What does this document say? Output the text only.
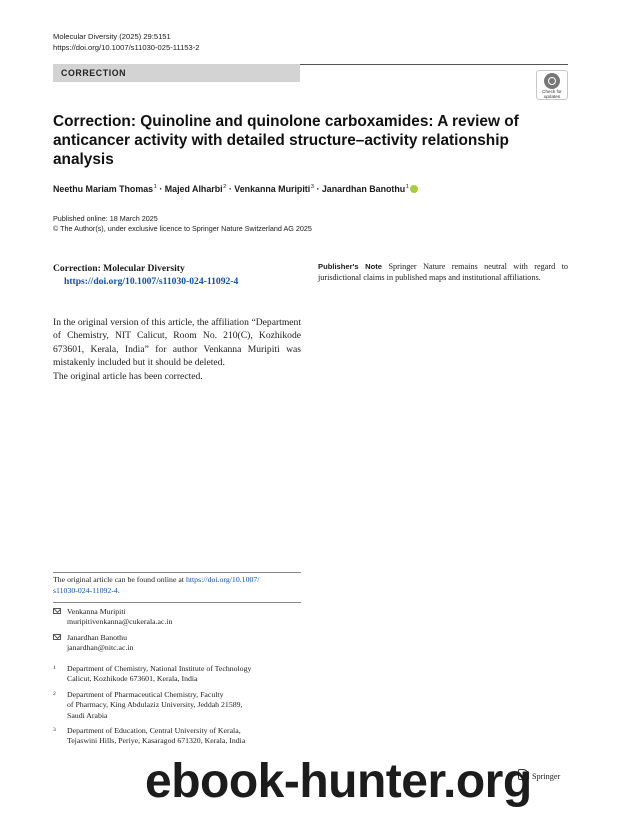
Molecular Diversity (2025) 29:5151
https://doi.org/10.1007/s11030-025-11153-2
CORRECTION
Check for
updates
Correction: Quinoline and quinolone carboxamides: A review of anticancer activity with detailed structure–activity relationship analysis
Neethu Mariam Thomas$^1$ · Majed Alharbi$^2$ · Venkanna Muripiti$^3$ · Janardhan Banothu$^1$
Published online: 18 March 2025
© The Author(s), under exclusive licence to Springer Nature Switzerland AG 2025
Correction: Molecular Diversity
https://doi.org/10.1007/s11030-024-11092-4
In the original version of this article, the affiliation “Department of Chemistry, NIT Calicut, Room No. 210(C), Kozhikode 673601, Kerala, India” for author Venkanna Muripiti was mistakenly included but it should be deleted.
The original article has been corrected.
Publisher's Note Springer Nature remains neutral with regard to jurisdictional claims in published maps and institutional affiliations.
The original article can be found online at https://doi.org/10.1007/
s11030-024-11092-4.
Venkanna Muripiti
muripitivenkanna@cukerala.ac.in
Janardhan Banothu
janardhan@nitc.ac.in
1	Department of Chemistry, National Institute of Technology
Calicut, Kozhikode 673601, Kerala, India
2	Department of Pharmaceutical Chemistry, Faculty
of Pharmacy, King Abdulaziz University, Jeddah 21589,
Saudi Arabia
3	Department of Education, Central University of Kerala,
Tejaswini Hills, Periye, Kasaragod 671320, Kerala, India
Springer
ebook-hunter.org
